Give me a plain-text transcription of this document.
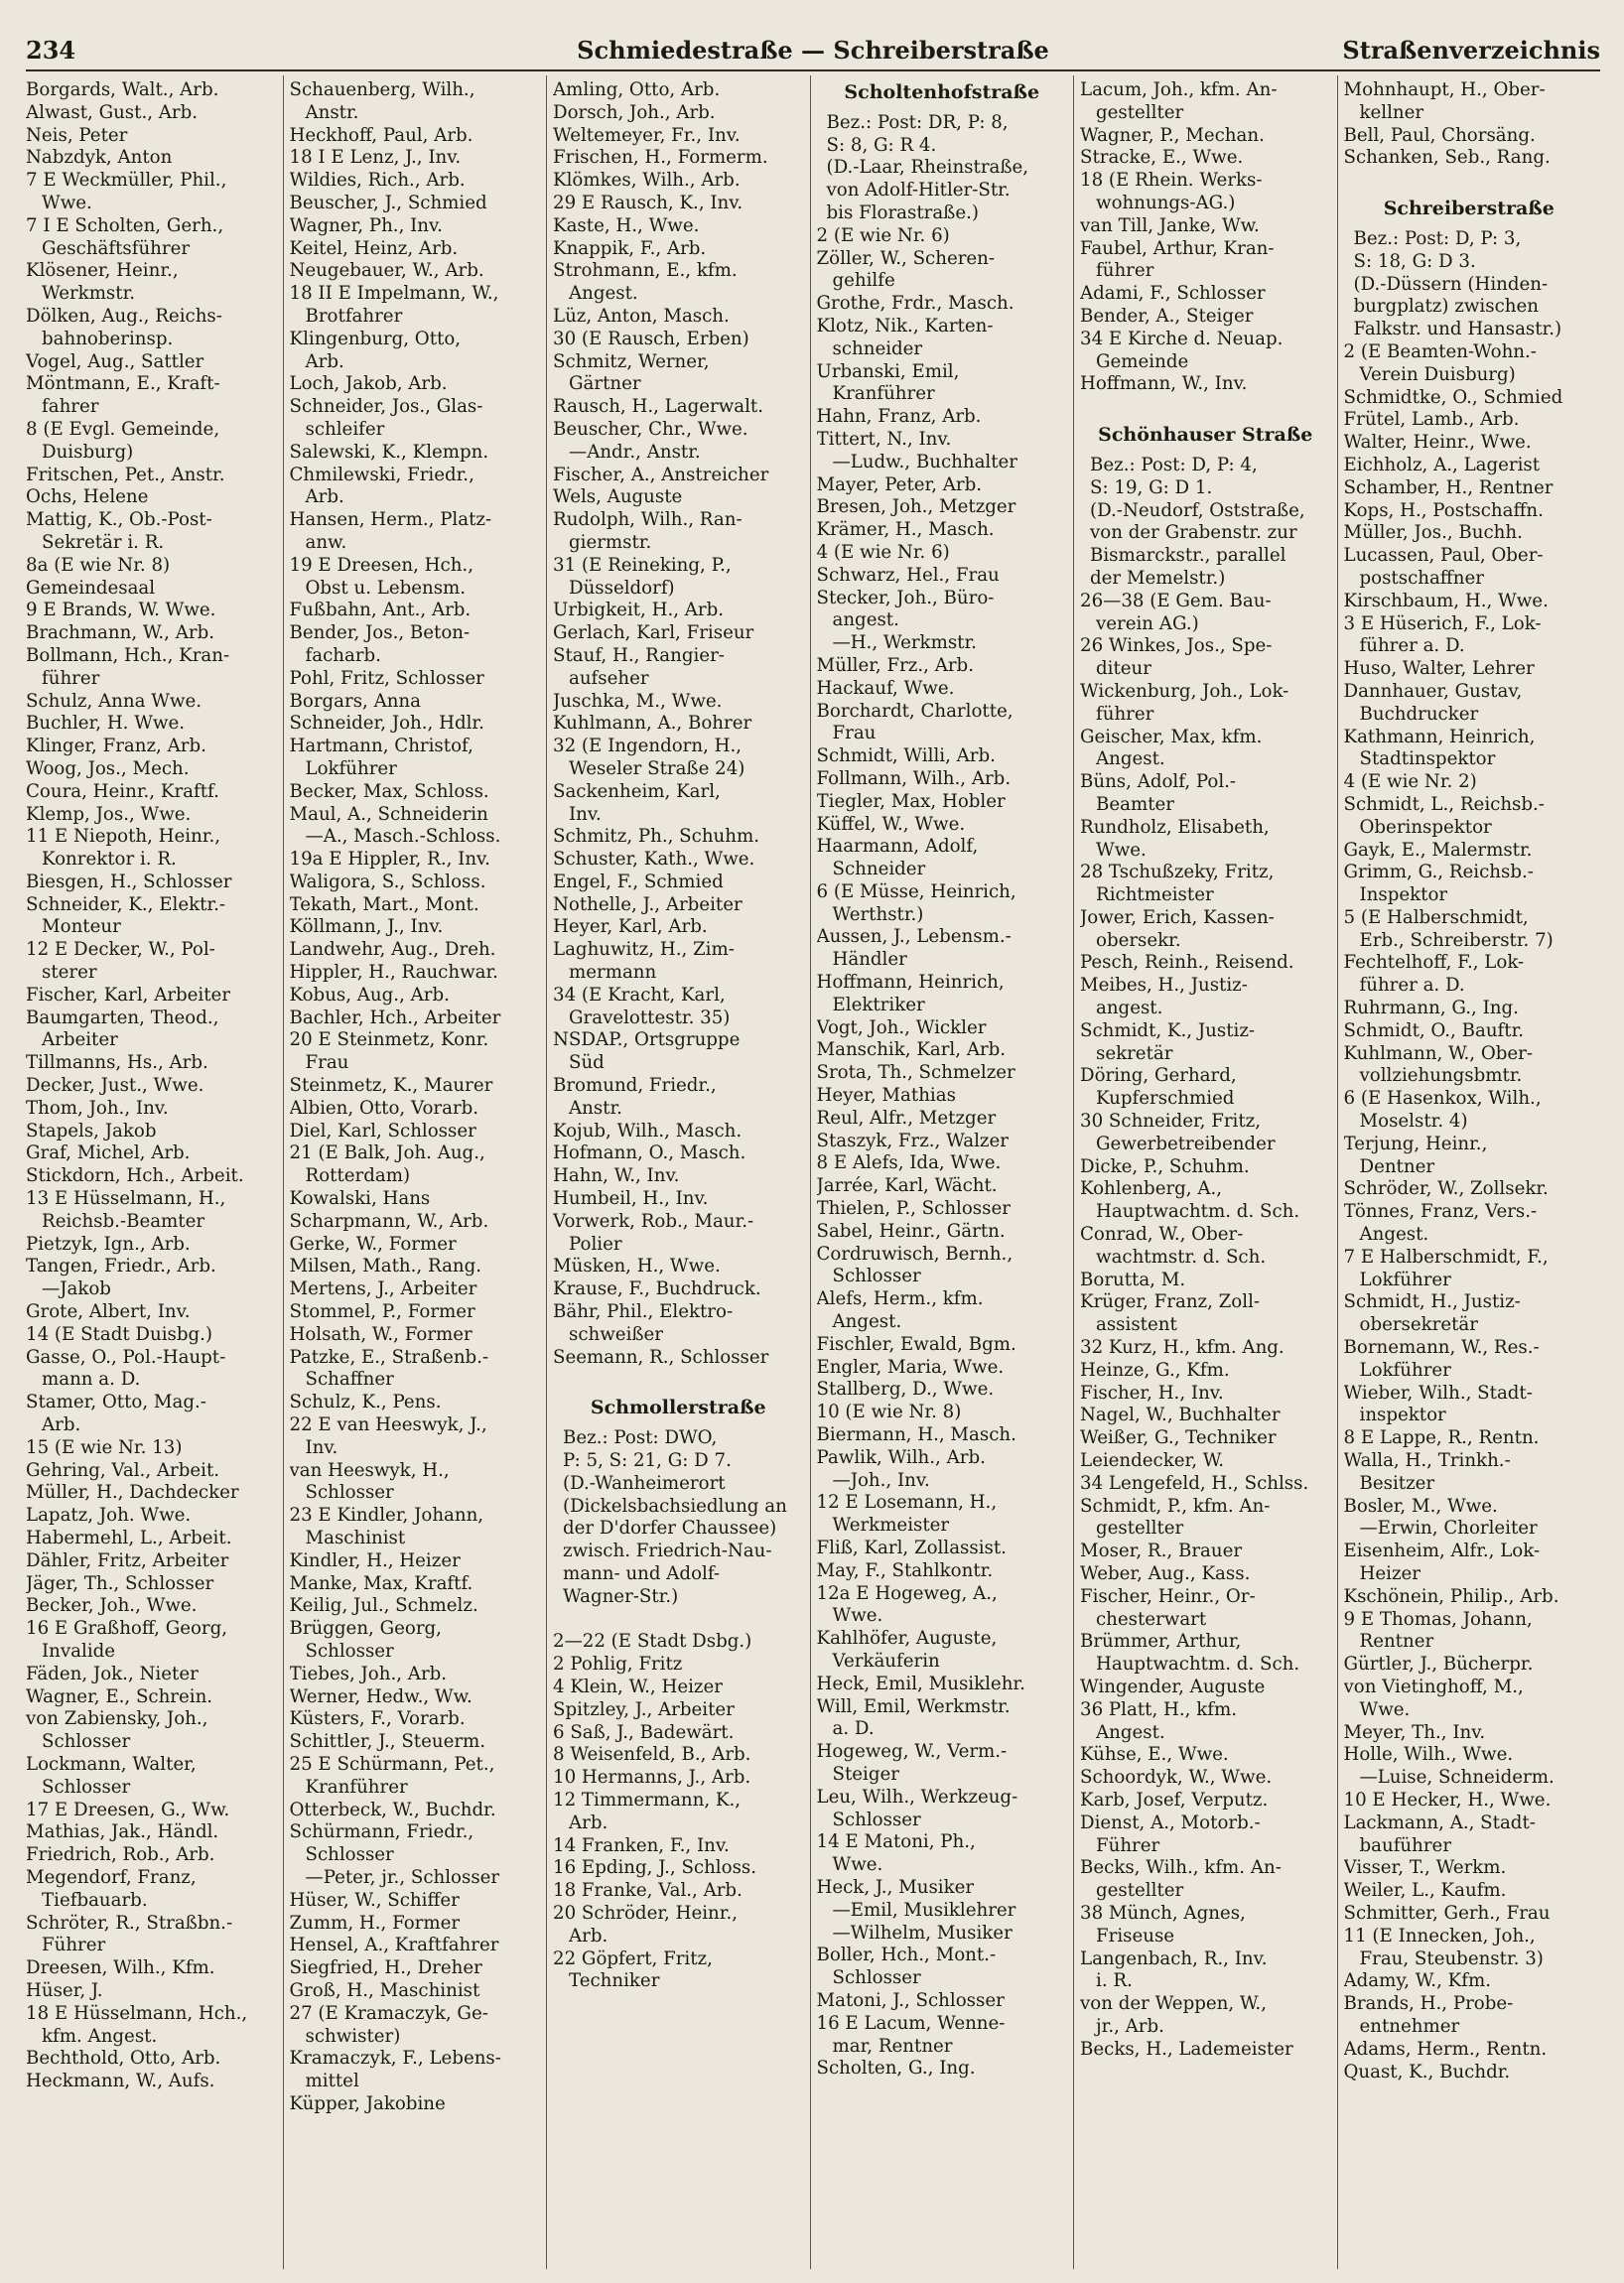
234	Schmiedestraße — Schreiberstraße	Straßenverzeichnis
Borgards, Walt., Arb.
Alwast, Gust., Arb.
Neis, Peter
Nabzdyk, Anton
7 E Weckmüller, Phil.,
Wwe.
7 I E Scholten, Gerh.,
Geschäftsführer
Klösener, Heinr.,
Werkmstr.
Dölken, Aug., Reichs-
bahnoberinsp.
Vogel, Aug., Sattler
Möntmann, E., Kraft-
fahrer
8 (E Evgl. Gemeinde,
Duisburg)
Fritschen, Pet., Anstr.
Ochs, Helene
Mattig, K., Ob.-Post-
Sekretär i. R.
8a (E wie Nr. 8)
Gemeindesaal
9 E Brands, W. Wwe.
Brachmann, W., Arb.
Bollmann, Hch., Kran-
führer
Schulz, Anna Wwe.
Buchler, H. Wwe.
Klinger, Franz, Arb.
Woog, Jos., Mech.
Coura, Heinr., Kraftf.
Klemp, Jos., Wwe.
11 E Niepoth, Heinr.,
Konrektor i. R.
Biesgen, H., Schlosser
Schneider, K., Elektr.-
Monteur
12 E Decker, W., Pol-
sterer
Fischer, Karl, Arbeiter
Baumgarten, Theod.,
Arbeiter
Tillmanns, Hs., Arb.
Decker, Just., Wwe.
Thom, Joh., Inv.
Stapels, Jakob
Graf, Michel, Arb.
Stickdorn, Hch., Arbeit.
13 E Hüsselmann, H.,
Reichsb.-Beamter
Pietzyk, Ign., Arb.
Tangen, Friedr., Arb.
—Jakob
Grote, Albert, Inv.
14 (E Stadt Duisbg.)
Gasse, O., Pol.-Haupt-
mann a. D.
Stamer, Otto, Mag.-
Arb.
15 (E wie Nr. 13)
Gehring, Val., Arbeit.
Müller, H., Dachdecker
Lapatz, Joh. Wwe.
Habermehl, L., Arbeit.
Dähler, Fritz, Arbeiter
Jäger, Th., Schlosser
Becker, Joh., Wwe.
16 E Graßhoff, Georg,
Invalide
Fäden, Jok., Nieter
Wagner, E., Schrein.
von Zabiensky, Joh.,
Schlosser
Lockmann, Walter,
Schlosser
17 E Dreesen, G., Ww.
Mathias, Jak., Händl.
Friedrich, Rob., Arb.
Megendorf, Franz,
Tiefbauarb.
Schröter, R., Straßbn.-
Führer
Dreesen, Wilh., Kfm.
Hüser, J.
18 E Hüsselmann, Hch.,
kfm. Angest.
Bechthold, Otto, Arb.
Heckmann, W., Aufs.
Schauenberg, Wilh.,
Anstr.
Heckhoff, Paul, Arb.
18 I E Lenz, J., Inv.
Wildies, Rich., Arb.
Beuscher, J., Schmied
Wagner, Ph., Inv.
Keitel, Heinz, Arb.
Neugebauer, W., Arb.
18 II E Impelmann, W.,
Brotfahrer
Klingenburg, Otto,
Arb.
Loch, Jakob, Arb.
Schneider, Jos., Glas-
schleifer
Salewski, K., Klempn.
Chmilewski, Friedr.,
Arb.
Hansen, Herm., Platz-
anw.
19 E Dreesen, Hch.,
Obst u. Lebensm.
Fußbahn, Ant., Arb.
Bender, Jos., Beton-
facharb.
Pohl, Fritz, Schlosser
Borgars, Anna
Schneider, Joh., Hdlr.
Hartmann, Christof,
Lokführer
Becker, Max, Schloss.
Maul, A., Schneiderin
—A., Masch.-Schloss.
19a E Hippler, R., Inv.
Waligora, S., Schloss.
Tekath, Mart., Mont.
Köllmann, J., Inv.
Landwehr, Aug., Dreh.
Hippler, H., Rauchwar.
Kobus, Aug., Arb.
Bachler, Hch., Arbeiter
20 E Steinmetz, Konr.
Frau
Steinmetz, K., Maurer
Albien, Otto, Vorarb.
Diel, Karl, Schlosser
21 (E Balk, Joh. Aug.,
Rotterdam)
Kowalski, Hans
Scharpmann, W., Arb.
Gerke, W., Former
Milsen, Math., Rang.
Mertens, J., Arbeiter
Stommel, P., Former
Holsath, W., Former
Patzke, E., Straßenb.-
Schaffner
Schulz, K., Pens.
22 E van Heeswyk, J.,
Inv.
van Heeswyk, H.,
Schlosser
23 E Kindler, Johann,
Maschinist
Kindler, H., Heizer
Manke, Max, Kraftf.
Keilig, Jul., Schmelz.
Brüggen, Georg,
Schlosser
Tiebes, Joh., Arb.
Werner, Hedw., Ww.
Küsters, F., Vorarb.
Schittler, J., Steuerm.
25 E Schürmann, Pet.,
Kranführer
Otterbeck, W., Buchdr.
Schürmann, Friedr.,
Schlosser
—Peter, jr., Schlosser
Hüser, W., Schiffer
Zumm, H., Former
Hensel, A., Kraftfahrer
Siegfried, H., Dreher
Groß, H., Maschinist
27 (E Kramaczyk, Ge-
schwister)
Kramaczyk, F., Lebens-
mittel
Küpper, Jakobine
Amling, Otto, Arb.
Dorsch, Joh., Arb.
Weltemeyer, Fr., Inv.
Frischen, H., Formerm.
Klömkes, Wilh., Arb.
29 E Rausch, K., Inv.
Kaste, H., Wwe.
Knappik, F., Arb.
Strohmann, E., kfm.
Angest.
Lüz, Anton, Masch.
30 (E Rausch, Erben)
Schmitz, Werner,
Gärtner
Rausch, H., Lagerwalt.
Beuscher, Chr., Wwe.
—Andr., Anstr.
Fischer, A., Anstreicher
Wels, Auguste
Rudolph, Wilh., Ran-
giermstr.
31 (E Reineking, P.,
Düsseldorf)
Urbigkeit, H., Arb.
Gerlach, Karl, Friseur
Stauf, H., Rangier-
aufseher
Juschka, M., Wwe.
Kuhlmann, A., Bohrer
32 (E Ingendorn, H.,
Weseler Straße 24)
Sackenheim, Karl,
Inv.
Schmitz, Ph., Schuhm.
Schuster, Kath., Wwe.
Engel, F., Schmied
Nothelle, J., Arbeiter
Heyer, Karl, Arb.
Laghuwitz, H., Zim-
mermann
34 (E Kracht, Karl,
Gravelottestr. 35)
NSDAP., Ortsgruppe
Süd
Bromund, Friedr.,
Anstr.
Kojub, Wilh., Masch.
Hofmann, O., Masch.
Hahn, W., Inv.
Humbeil, H., Inv.
Vorwerk, Rob., Maur.-
Polier
Müsken, H., Wwe.
Krause, F., Buchdruck.
Bähr, Phil., Elektro-
schweißer
Seemann, R., Schlosser
Schmollerstraße
Bez.: Post: DWO,
P: 5, S: 21, G: D 7.
(D.-Wanheimerort
(Dickelsbachsiedlung an
der D'dorfer Chaussee)
zwisch. Friedrich-Nau-
mann- und Adolf-
Wagner-Str.)

2—22 (E Stadt Dsbg.)
2 Pohlig, Fritz
4 Klein, W., Heizer
Spitzley, J., Arbeiter
6 Saß, J., Badewärt.
8 Weisenfeld, B., Arb.
10 Hermanns, J., Arb.
12 Timmermann, K.,
Arb.
14 Franken, F., Inv.
16 Epding, J., Schloss.
18 Franke, Val., Arb.
20 Schröder, Heinr.,
Arb.
22 Göpfert, Fritz,
Techniker
Scholtenhofstraße
Bez.: Post: DR, P: 8,
S: 8, G: R 4.
(D.-Laar, Rheinstraße,
von Adolf-Hitler-Str.
bis Florastraße.)
2 (E wie Nr. 6)
Zöller, W., Scheren-
gehilfe
Grothe, Frdr., Masch.
Klotz, Nik., Karten-
schneider
Urbanski, Emil,
Kranführer
Hahn, Franz, Arb.
Tittert, N., Inv.
—Ludw., Buchhalter
Mayer, Peter, Arb.
Bresen, Joh., Metzger
Krämer, H., Masch.
4 (E wie Nr. 6)
Schwarz, Hel., Frau
Stecker, Joh., Büro-
angest.
—H., Werkmstr.
Müller, Frz., Arb.
Hackauf, Wwe.
Borchardt, Charlotte,
Frau
Schmidt, Willi, Arb.
Follmann, Wilh., Arb.
Tiegler, Max, Hobler
Küffel, W., Wwe.
Haarmann, Adolf,
Schneider
6 (E Müsse, Heinrich,
Werthstr.)
Aussen, J., Lebensm.-
Händler
Hoffmann, Heinrich,
Elektriker
Vogt, Joh., Wickler
Manschik, Karl, Arb.
Srota, Th., Schmelzer
Heyer, Mathias
Reul, Alfr., Metzger
Staszyk, Frz., Walzer
8 E Alefs, Ida, Wwe.
Jarrée, Karl, Wächt.
Thielen, P., Schlosser
Sabel, Heinr., Gärtn.
Cordruwisch, Bernh.,
Schlosser
Alefs, Herm., kfm.
Angest.
Fischler, Ewald, Bgm.
Engler, Maria, Wwe.
Stallberg, D., Wwe.
10 (E wie Nr. 8)
Biermann, H., Masch.
Pawlik, Wilh., Arb.
—Joh., Inv.
12 E Losemann, H.,
Werkmeister
Fliß, Karl, Zollassist.
May, F., Stahlkontr.
12a E Hogeweg, A.,
Wwe.
Kahlhöfer, Auguste,
Verkäuferin
Heck, Emil, Musiklehr.
Will, Emil, Werkmstr.
a. D.
Hogeweg, W., Verm.-
Steiger
Leu, Wilh., Werkzeug-
Schlosser
14 E Matoni, Ph.,
Wwe.
Heck, J., Musiker
—Emil, Musiklehrer
—Wilhelm, Musiker
Boller, Hch., Mont.-
Schlosser
Matoni, J., Schlosser
16 E Lacum, Wenne-
mar, Rentner
Scholten, G., Ing.
Lacum, Joh., kfm. An-
gestellter
Wagner, P., Mechan.
Stracke, E., Wwe.
18 (E Rhein. Werks-
wohnungs-AG.)
van Till, Janke, Ww.
Faubel, Arthur, Kran-
führer
Adami, F., Schlosser
Bender, A., Steiger
34 E Kirche d. Neuap.
Gemeinde
Hoffmann, W., Inv.
Schönhauser Straße
Bez.: Post: D, P: 4,
S: 19, G: D 1.
(D.-Neudorf, Oststraße,
von der Grabenstr. zur
Bismarckstr., parallel
der Memelstr.)
26—38 (E Gem. Bau-
verein AG.)
26 Winkes, Jos., Spe-
diteur
Wickenburg, Joh., Lok-
führer
Geischer, Max, kfm.
Angest.
Büns, Adolf, Pol.-
Beamter
Rundholz, Elisabeth,
Wwe.
28 Tschußzeky, Fritz,
Richtmeister
Jower, Erich, Kassen-
obersekr.
Pesch, Reinh., Reisend.
Meibes, H., Justiz-
angest.
Schmidt, K., Justiz-
sekretär
Döring, Gerhard,
Kupferschmied
30 Schneider, Fritz,
Gewerbetreibender
Dicke, P., Schuhm.
Kohlenberg, A.,
Hauptwachtm. d. Sch.
Conrad, W., Ober-
wachtmstr. d. Sch.
Borutta, M.
Krüger, Franz, Zoll-
assistent
32 Kurz, H., kfm. Ang.
Heinze, G., Kfm.
Fischer, H., Inv.
Nagel, W., Buchhalter
Weißer, G., Techniker
Leiendecker, W.
34 Lengefeld, H., Schlss.
Schmidt, P., kfm. An-
gestellter
Moser, R., Brauer
Weber, Aug., Kass.
Fischer, Heinr., Or-
chesterwart
Brümmer, Arthur,
Hauptwachtm. d. Sch.
Wingender, Auguste
36 Platt, H., kfm.
Angest.
Kühse, E., Wwe.
Schoordyk, W., Wwe.
Karb, Josef, Verputz.
Dienst, A., Motorb.-
Führer
Becks, Wilh., kfm. An-
gestellter
38 Münch, Agnes,
Friseuse
Langenbach, R., Inv.
i. R.
von der Weppen, W.,
jr., Arb.
Becks, H., Lademeister
Mohnhaupt, H., Ober-
kellner
Bell, Paul, Chorsäng.
Schanken, Seb., Rang.
Schreiberstraße
Bez.: Post: D, P: 3,
S: 18, G: D 3.
(D.-Düssern (Hinden-
burgplatz) zwischen
Falkstr. und Hansastr.)
2 (E Beamten-Wohn.-
Verein Duisburg)
Schmidtke, O., Schmied
Frütel, Lamb., Arb.
Walter, Heinr., Wwe.
Eichholz, A., Lagerist
Schamber, H., Rentner
Kops, H., Postschaffn.
Müller, Jos., Buchh.
Lucassen, Paul, Ober-
postschaffner
Kirschbaum, H., Wwe.
3 E Hüserich, F., Lok-
führer a. D.
Huso, Walter, Lehrer
Dannhauer, Gustav,
Buchdrucker
Kathmann, Heinrich,
Stadtinspektor
4 (E wie Nr. 2)
Schmidt, L., Reichsb.-
Oberinspektor
Gayk, E., Malermstr.
Grimm, G., Reichsb.-
Inspektor
5 (E Halberschmidt,
Erb., Schreiberstr. 7)
Fechtelhoff, F., Lok-
führer a. D.
Ruhrmann, G., Ing.
Schmidt, O., Bauftr.
Kuhlmann, W., Ober-
vollziehungsbmtr.
6 (E Hasenkox, Wilh.,
Moselstr. 4)
Terjung, Heinr.,
Dentner
Schröder, W., Zollsekr.
Tönnes, Franz, Vers.-
Angest.
7 E Halberschmidt, F.,
Lokführer
Schmidt, H., Justiz-
obersekretär
Bornemann, W., Res.-
Lokführer
Wieber, Wilh., Stadt-
inspektor
8 E Lappe, R., Rentn.
Walla, H., Trinkh.-
Besitzer
Bosler, M., Wwe.
—Erwin, Chorleiter
Eisenheim, Alfr., Lok-
Heizer
Kschönein, Philip., Arb.
9 E Thomas, Johann,
Rentner
Gürtler, J., Bücherpr.
von Vietinghoff, M.,
Wwe.
Meyer, Th., Inv.
Holle, Wilh., Wwe.
—Luise, Schneiderm.
10 E Hecker, H., Wwe.
Lackmann, A., Stadt-
bauführer
Visser, T., Werkm.
Weiler, L., Kaufm.
Schmitter, Gerh., Frau
11 (E Innecken, Joh.,
Frau, Steubenstr. 3)
Adamy, W., Kfm.
Brands, H., Probe-
entnehmer
Adams, Herm., Rentn.
Quast, K., Buchdr.
